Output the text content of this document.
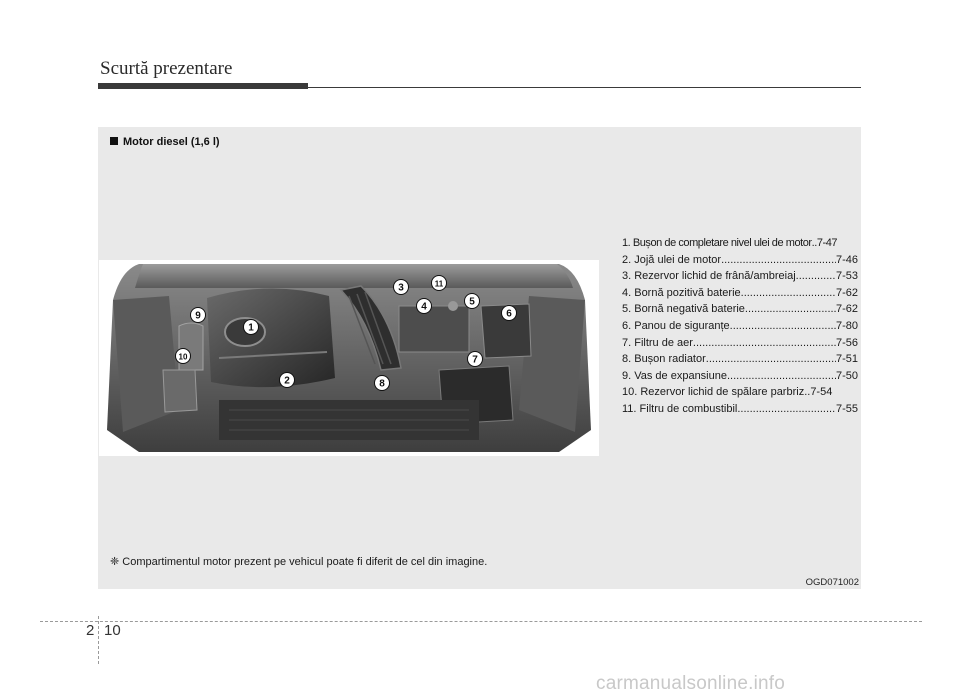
Scurtă prezentare
Motor diesel (1,6 l)
1
2
3
4	5
6
7
8
9
10
11
1. Bușon de completare nivel ulei de motor ..7-47
2. Jojă ulei de motor .....	7-46
3. Rezervor lichid de frână/ambreiaj .....	7-53
4. Bornă pozitivă baterie .....	7-62
5. Bornă negativă baterie .....	7-62
6. Panou de siguranțe .....	7-80
7. Filtru de aer .....	7-56
8. Bușon radiator .....	7-51
9. Vas de expansiune .....	7-50
10. Rezervor lichid de spălare parbriz ..7-54
11. Filtru de combustibil .....	7-55
❈ Compartimentul motor prezent pe vehicul poate fi diferit de cel din imagine.
OGD071002
2 10
carmanualsonline.info
